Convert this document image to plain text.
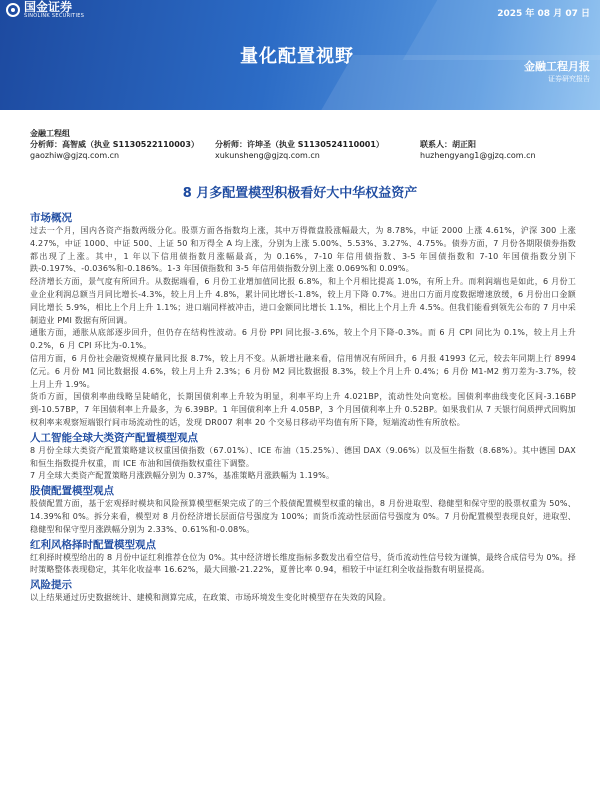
国金证券
SINOLINK SECURITIES	2025 年 08 月 07 日
量化配置视野	金融工程月报
证券研究报告
金融工程组
分析师：高智威（执业 S1130522110003）	分析师：许坤圣（执业 S1130524110001）	联系人：胡正阳
gaozhiw@gjzq.com.cn	xukunsheng@gjzq.com.cn	huzhengyang1@gjzq.com.cn
8 月多配置模型积极看好大中华权益资产
市场概况

过去一个月，国内各资产指数两级分化。股票方面各指数均上涨，其中万得微盘股涨幅最大，为 8.78%，中证 2000 上涨 4.61%，沪深 300 上涨 4.27%，中证 1000、中证 500、上证 50 和万得全 A 均上涨，分别为上涨 5.00%、5.53%、3.27%、4.75%。债券方面，7 月份各期限债券指数都出现了上涨。其中，1 年以下信用债指数月涨幅最高，为 0.16%，7-10 年信用债指数、3-5 年国债指数和 7-10 年国债指数分别下跌-0.197%、-0.036%和-0.186%。1-3 年国债指数和 3-5 年信用债指数分别上涨 0.069%和 0.09%。

经济增长方面，景气度有所回升。从数据端看，6 月份工业增加值同比报 6.8%，和上个月相比提高 1.0%，有所上升。而利润端也是如此，6 月份工业企业利润总额当月同比增长-4.3%，较上月上升 4.8%，累计同比增长-1.8%，较上月下降 0.7%。进出口方面月度数据增速放缓，6 月份出口金额同比增长 5.9%，相比上个月上升 1.1%；进口端同样被冲击，进口金额同比增长 1.1%，相比上个月上升 4.5%。但我们能看到领先公布的 7 月中采制造业 PMI 数据有所回调。

通胀方面，通胀从底部逐步回升，但仍存在结构性波动。6 月份 PPI 同比报-3.6%，较上个月下降-0.3%。而 6 月 CPI 同比为 0.1%，较上月上升 0.2%，6 月 CPI 环比为-0.1%。

信用方面，6 月份社会融资规模存量同比报 8.7%，较上月不变。从新增社融来看，信用情况有所回升，6 月报 41993 亿元，较去年同期上行 8994 亿元。6 月份 M1 同比数据报 4.6%，较上月上升 2.3%；6 月份 M2 同比数据报 8.3%，较上个月上升 0.4%；6 月份 M1-M2 剪刀差为-3.7%，较上月上升 1.9%。

货币方面，国债利率曲线略呈陡峭化，长期国债利率上升较为明显，利率平均上升 4.021BP，流动性处向宽松。国债利率曲线变化区间-3.16BP 到-10.57BP，7 年国债利率上升最多，为 6.39BP。1 年国债利率上升 4.05BP，3 个月国债利率上升 0.52BP。如果我们从 7 天银行间质押式回购加权利率来观察短端银行间市场流动性的话，发现 DR007 利率 20 个交易日移动平均值有所下降，短端流动性有所放松。

人工智能全球大类资产配置模型观点

8 月份全球大类资产配置策略建议权重国债指数（67.01%）、ICE 布油（15.25%）、德国 DAX（9.06%）以及恒生指数（8.68%）。其中德国 DAX 和恒生指数提升权重，而 ICE 布油和国债指数权重往下调整。

7 月全球大类资产配置策略月涨跌幅分别为 0.37%，基准策略月涨跌幅为 1.19%。

股债配置模型观点

股债配置方面，基于宏观择时模块和风险预算模型框架完成了的三个股债配置模型权重的输出，8 月份进取型、稳健型和保守型的股票权重为 50%、14.39%和 0%。拆分来看，模型对 8 月份经济增长层面信号强度为 100%；而货币流动性层面信号强度为 0%。7 月份配置模型表现良好，进取型、稳健型和保守型月涨跌幅分别为 2.33%、0.61%和-0.08%。

红利风格择时配置模型观点

红利择时模型给出的 8 月份中证红利推荐仓位为 0%。其中经济增长维度指标多数发出看空信号，货币流动性信号较为谨慎，最终合成信号为 0%。择时策略整体表现稳定，其年化收益率 16.62%，最大回撤-21.22%，夏普比率 0.94，相较于中证红利全收益指数有明显提高。

风险提示

以上结果通过历史数据统计、建模和测算完成，在政策、市场环境发生变化时模型存在失效的风险。
